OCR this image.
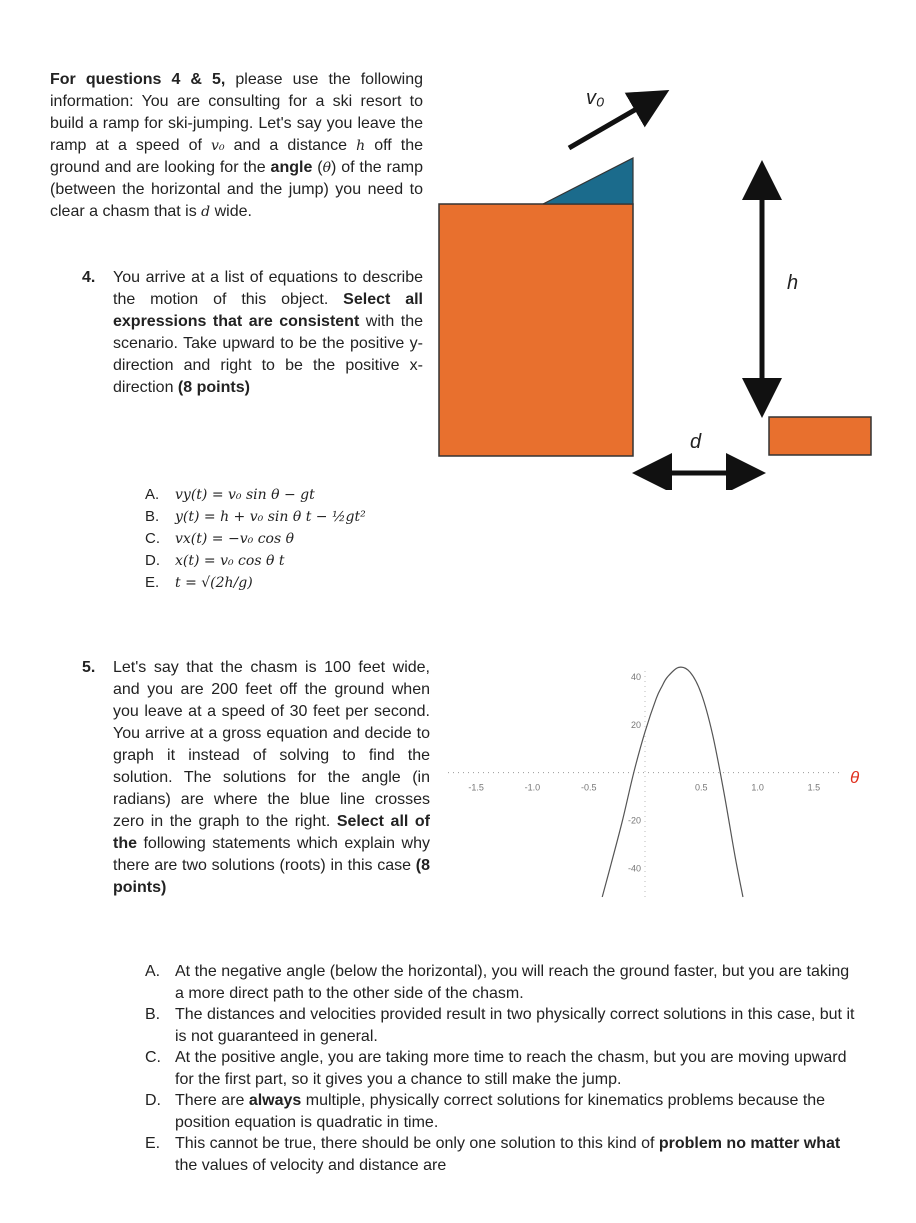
For questions 4 & 5, please use the following information: You are consulting for a ski resort to build a ramp for ski-jumping. Let's say you leave the ramp at a speed of v₀ and a distance h off the ground and are looking for the angle (θ) of the ramp (between the horizontal and the jump) you need to clear a chasm that is d wide.
4. You arrive at a list of equations to describe the motion of this object. Select all expressions that are consistent with the scenario. Take upward to be the positive y-direction and right to be the positive x-direction (8 points)
A. vy(t) = v₀ sin θ − gt
B. y(t) = h + v₀ sin θ t − ½gt²
C. vx(t) = −v₀ cos θ
D. x(t) = v₀ cos θ t
E. t = √(2h/g)
v₀
h
d
5. Let's say that the chasm is 100 feet wide, and you are 200 feet off the ground when you leave at a speed of 30 feet per second. You arrive at a gross equation and decide to graph it instead of solving to find the solution. The solutions for the angle (in radians) are where the blue line crosses zero in the graph to the right. Select all of the following statements which explain why there are two solutions (roots) in this case (8 points)
-1.5	-1.0	-0.5	0.5	1.0	1.5
40
20
-20
-40
θ
A. At the negative angle (below the horizontal), you will reach the ground faster, but you are taking a more direct path to the other side of the chasm.
B. The distances and velocities provided result in two physically correct solutions in this case, but it is not guaranteed in general.
C. At the positive angle, you are taking more time to reach the chasm, but you are moving upward for the first part, so it gives you a chance to still make the jump.
D. There are always multiple, physically correct solutions for kinematics problems because the position equation is quadratic in time.
E. This cannot be true, there should be only one solution to this kind of problem no matter what the values of velocity and distance are
